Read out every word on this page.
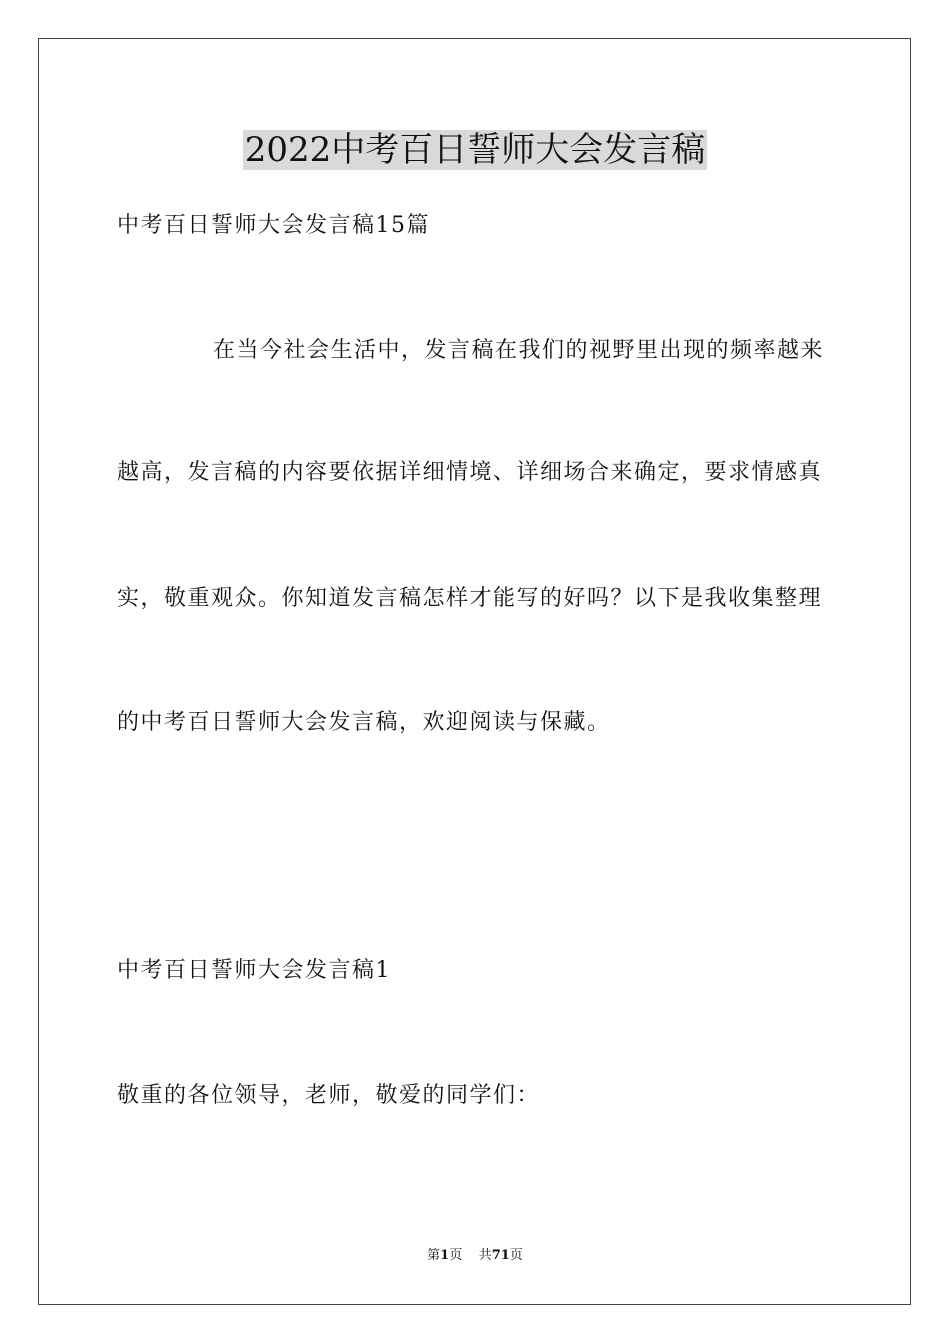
2022中考百日誓师大会发言稿
中考百日誓师大会发言稿15篇
在当今社会生活中，发言稿在我们的视野里出现的频率越来
越高，发言稿的内容要依据详细情境、详细场合来确定，要求情感真
实，敬重观众。你知道发言稿怎样才能写的好吗？以下是我收集整理
的中考百日誓师大会发言稿，欢迎阅读与保藏。
中考百日誓师大会发言稿1
敬重的各位领导，老师，敬爱的同学们：
第1页 共71页
